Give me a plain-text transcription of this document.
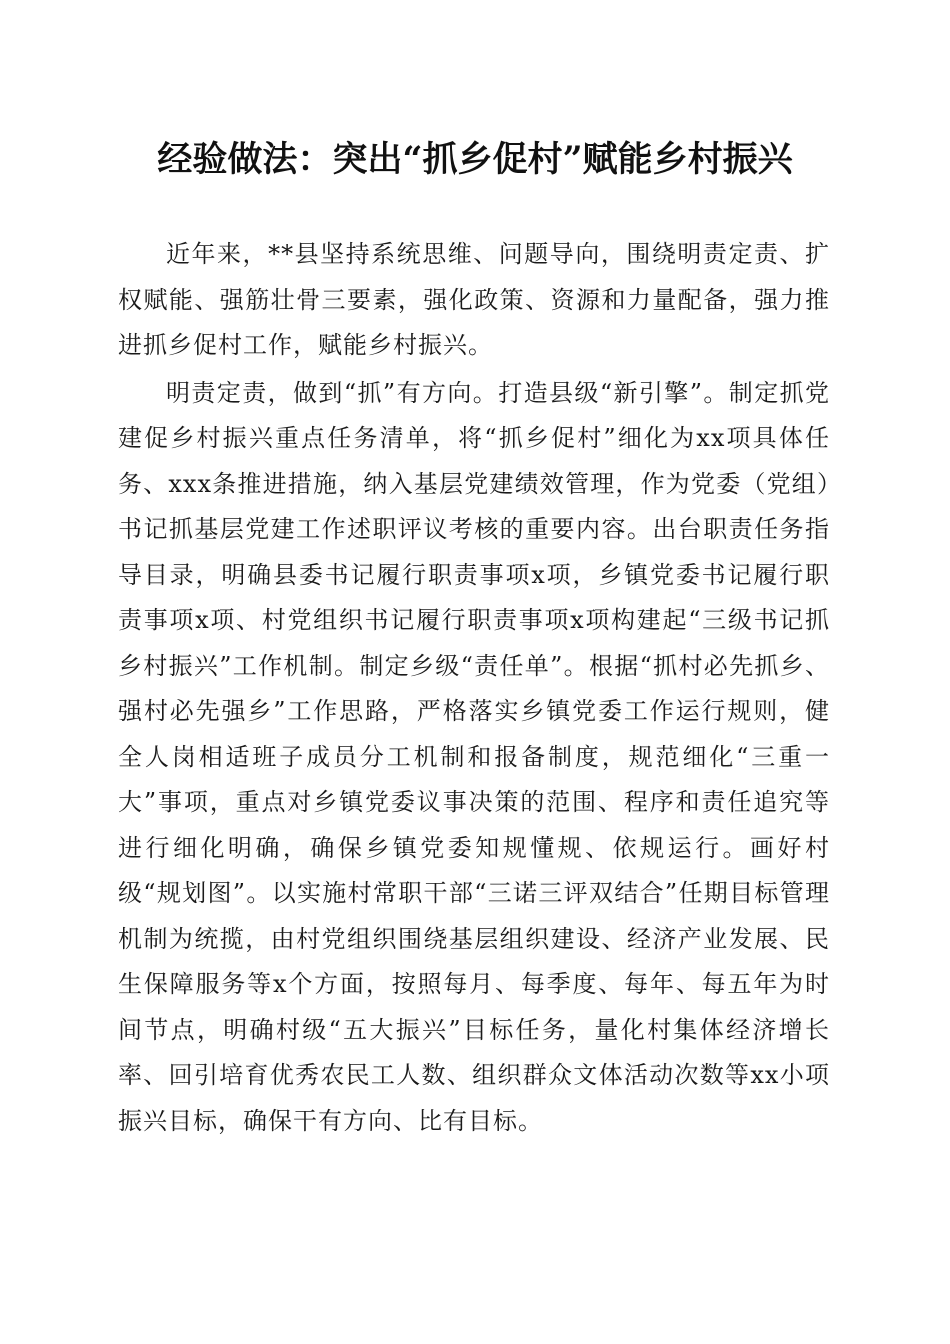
经验做法：突出“抓乡促村”赋能乡村振兴

近年来，**县坚持系统思维、问题导向，围绕明责定责、扩权赋能、强筋壮骨三要素，强化政策、资源和力量配备，强力推进抓乡促村工作，赋能乡村振兴。

明责定责，做到“抓”有方向。打造县级“新引擎”。制定抓党建促乡村振兴重点任务清单，将“抓乡促村”细化为xx项具体任务、xxx条推进措施，纳入基层党建绩效管理，作为党委（党组）书记抓基层党建工作述职评议考核的重要内容。出台职责任务指导目录，明确县委书记履行职责事项x项，乡镇党委书记履行职责事项x项、村党组织书记履行职责事项x项构建起“三级书记抓乡村振兴”工作机制。制定乡级“责任单”。根据“抓村必先抓乡、强村必先强乡”工作思路，严格落实乡镇党委工作运行规则，健全人岗相适班子成员分工机制和报备制度，规范细化“三重一大”事项，重点对乡镇党委议事决策的范围、程序和责任追究等进行细化明确，确保乡镇党委知规懂规、依规运行。画好村级“规划图”。以实施村常职干部“三诺三评双结合”任期目标管理机制为统揽，由村党组织围绕基层组织建设、经济产业发展、民生保障服务等x个方面，按照每月、每季度、每年、每五年为时间节点，明确村级“五大振兴”目标任务，量化村集体经济增长率、回引培育优秀农民工人数、组织群众文体活动次数等xx小项振兴目标，确保干有方向、比有目标。
